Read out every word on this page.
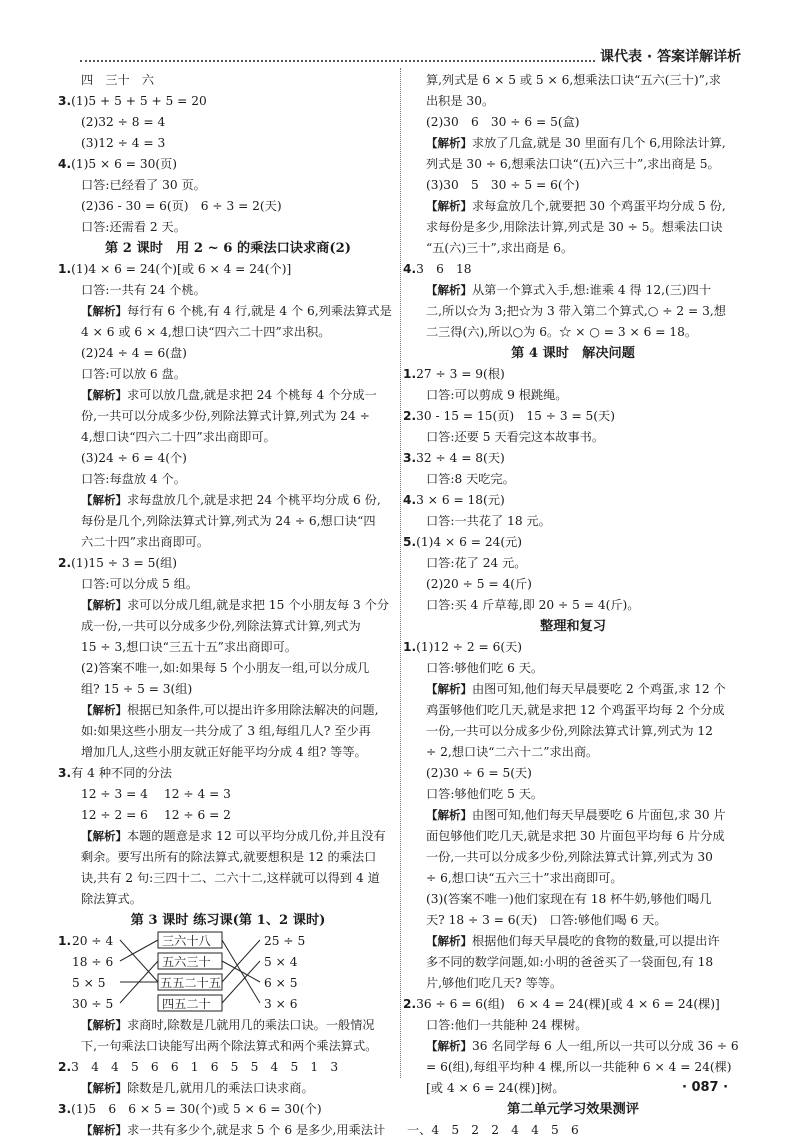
课代表 · 答案详解详析
四　三十　六
3.(1)5 + 5 + 5 + 5 = 20
(2)32 ÷ 8 = 4
(3)12 ÷ 4 = 3
4.(1)5 × 6 = 30(页)
口答:已经看了 30 页。
(2)36 - 30 = 6(页)　6 ÷ 3 = 2(天)
口答:还需看 2 天。
第 2 课时　用 2 ~ 6 的乘法口诀求商(2)
1.(1)4 × 6 = 24(个)[或 6 × 4 = 24(个)]
口答:一共有 24 个桃。
【解析】每行有 6 个桃,有 4 行,就是 4 个 6,列乘法算式是
4 × 6 或 6 × 4,想口诀“四六二十四”求出积。
(2)24 ÷ 4 = 6(盘)
口答:可以放 6 盘。
【解析】求可以放几盘,就是求把 24 个桃每 4 个分成一
份,一共可以分成多少份,列除法算式计算,列式为 24 ÷
4,想口诀“四六二十四”求出商即可。
(3)24 ÷ 6 = 4(个)
口答:每盘放 4 个。
【解析】求每盘放几个,就是求把 24 个桃平均分成 6 份,
每份是几个,列除法算式计算,列式为 24 ÷ 6,想口诀“四
六二十四”求出商即可。
2.(1)15 ÷ 3 = 5(组)
口答:可以分成 5 组。
【解析】求可以分成几组,就是求把 15 个小朋友每 3 个分
成一份,一共可以分成多少份,列除法算式计算,列式为
15 ÷ 3,想口诀“三五十五”求出商即可。
(2)答案不唯一,如:如果每 5 个小朋友一组,可以分成几
组? 15 ÷ 5 = 3(组)
【解析】根据已知条件,可以提出许多用除法解决的问题,
如:如果这些小朋友一共分成了 3 组,每组几人? 至少再
增加几人,这些小朋友就正好能平均分成 4 组? 等等。
3.有 4 种不同的分法
12 ÷ 3 = 4　 12 ÷ 4 = 3
12 ÷ 2 = 6　 12 ÷ 6 = 2
【解析】本题的题意是求 12 可以平均分成几份,并且没有
剩余。要写出所有的除法算式,就要想积是 12 的乘法口
诀,共有 2 句:三四十二、二六十二,这样就可以得到 4 道
除法算式。
第 3 课时 练习课(第 1、2 课时)
1. 20 ÷ 4
18 ÷ 6
5 × 5
30 ÷ 5
三六十八
五六三十
五五二十五
四五二十
25 ÷ 5
5 × 4
6 × 5
3 × 6
【解析】求商时,除数是几就用几的乘法口诀。一般情况
下,一句乘法口诀能写出两个除法算式和两个乘法算式。
2.3　4　4　5　6　6　1　6　5　5　4　5　1　3
【解析】除数是几,就用几的乘法口诀求商。
3.(1)5　6　6 × 5 = 30(个)或 5 × 6 = 30(个)
【解析】求一共有多少个,就是求 5 个 6 是多少,用乘法计
算,列式是 6 × 5 或 5 × 6,想乘法口诀“五六(三十)”,求
出积是 30。
(2)30　6　30 ÷ 6 = 5(盒)
【解析】求放了几盒,就是 30 里面有几个 6,用除法计算,
列式是 30 ÷ 6,想乘法口诀“(五)六三十”,求出商是 5。
(3)30　5　30 ÷ 5 = 6(个)
【解析】求每盒放几个,就要把 30 个鸡蛋平均分成 5 份,
求每份是多少,用除法计算,列式是 30 ÷ 5。想乘法口诀
“五(六)三十”,求出商是 6。
4.3　6　18
【解析】从第一个算式入手,想:谁乘 4 得 12,(三)四十
二,所以☆为 3;把☆为 3 带入第二个算式,○ ÷ 2 = 3,想
二三得(六),所以○为 6。☆ × ○ = 3 × 6 = 18。
第 4 课时　解决问题
1.27 ÷ 3 = 9(根)
口答:可以剪成 9 根跳绳。
2.30 - 15 = 15(页)　15 ÷ 3 = 5(天)
口答:还要 5 天看完这本故事书。
3.32 ÷ 4 = 8(天)
口答:8 天吃完。
4.3 × 6 = 18(元)
口答:一共花了 18 元。
5.(1)4 × 6 = 24(元)
口答:花了 24 元。
(2)20 ÷ 5 = 4(斤)
口答:买 4 斤草莓,即 20 ÷ 5 = 4(斤)。
整理和复习
1.(1)12 ÷ 2 = 6(天)
口答:够他们吃 6 天。
【解析】由图可知,他们每天早晨要吃 2 个鸡蛋,求 12 个
鸡蛋够他们吃几天,就是求把 12 个鸡蛋平均每 2 个分成
一份,一共可以分成多少份,列除法算式计算,列式为 12
÷ 2,想口诀“二六十二”求出商。
(2)30 ÷ 6 = 5(天)
口答:够他们吃 5 天。
【解析】由图可知,他们每天早晨要吃 6 片面包,求 30 片
面包够他们吃几天,就是求把 30 片面包平均每 6 片分成
一份,一共可以分成多少份,列除法算式计算,列式为 30
÷ 6,想口诀“五六三十”求出商即可。
(3)(答案不唯一)他们家现在有 18 杯牛奶,够他们喝几
天? 18 ÷ 3 = 6(天)　口答:够他们喝 6 天。
【解析】根据他们每天早晨吃的食物的数量,可以提出许
多不同的数学问题,如:小明的爸爸买了一袋面包,有 18
片,够他们吃几天? 等等。
2.36 ÷ 6 = 6(组)　6 × 4 = 24(棵)[或 4 × 6 = 24(棵)]
口答:他们一共能种 24 棵树。
【解析】36 名同学每 6 人一组,所以一共可以分成 36 ÷ 6
= 6(组),每组平均种 4 棵,所以一共能种 6 × 4 = 24(棵)
[或 4 × 6 = 24(棵)]树。
第二单元学习效果测评
一、4　5　2　2　4　4　5　6
· 087 ·
